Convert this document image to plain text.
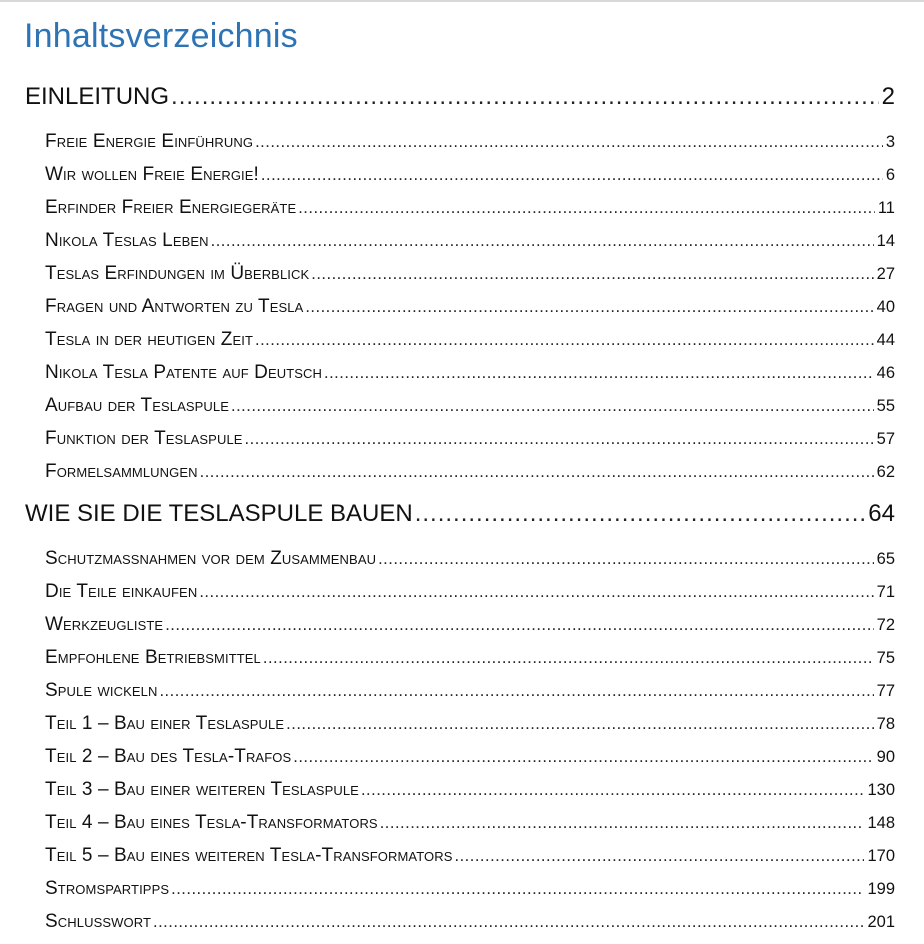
Inhaltsverzeichnis
EINLEITUNG .....	2
Freie Energie Einführung .....	3
Wir wollen Freie Energie! .....	6
Erfinder Freier Energiegeräte .....	11
Nikola Teslas Leben .....	14
Teslas Erfindungen im Überblick .....	27
Fragen und Antworten zu Tesla .....	40
Tesla in der heutigen Zeit .....	44
Nikola Tesla Patente auf Deutsch .....	46
Aufbau der Teslaspule .....	55
Funktion der Teslaspule .....	57
Formelsammlungen .....	62
WIE SIE DIE TESLASPULE BAUEN .....	64
Schutzmaßnahmen vor dem Zusammenbau .....	65
Die Teile einkaufen .....	71
Werkzeugliste .....	72
Empfohlene Betriebsmittel .....	75
Spule wickeln .....	77
Teil 1 – Bau einer Teslaspule .....	78
Teil 2 – Bau des Tesla-Trafos .....	90
Teil 3 – Bau einer weiteren Teslaspule .....	130
Teil 4 – Bau eines Tesla-Transformators .....	148
Teil 5 – Bau eines weiteren Tesla-Transformators .....	170
Stromspartipps .....	199
Schlusswort .....	201
